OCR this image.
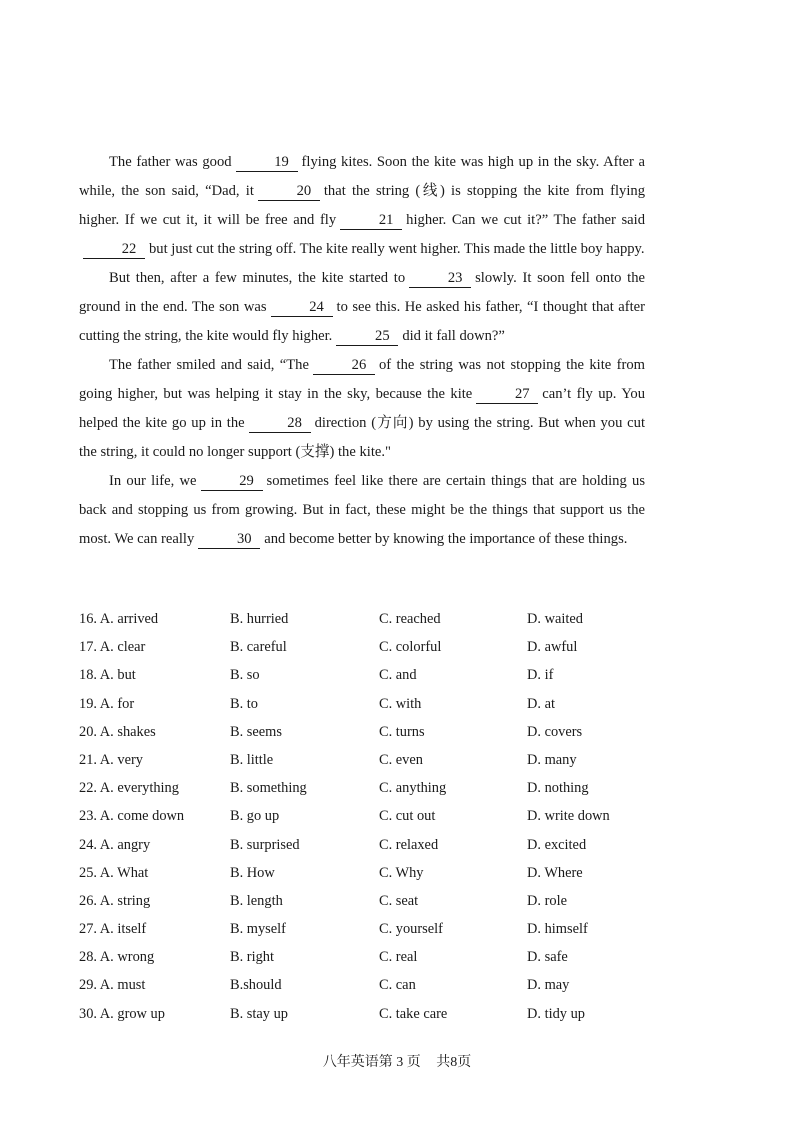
The father was good	19 flying kites. Soon the kite was high up in the sky. After a while, the son said, “Dad, it	20 that the string (线) is stopping the kite from flying higher. If we cut it, it will be free and fly	21 higher. Can we cut it?” The father said 22 but just cut the string off. The kite really went higher. This made the little boy happy.

But then, after a few minutes, the kite started to	23 slowly. It soon fell onto the ground in the end. The son was	24 to see this. He asked his father, “I thought that after cutting the string, the kite would fly higher.	25 did it fall down?”

The father smiled and said, “The	26 of the string was not stopping the kite from going higher, but was helping it stay in the sky, because the kite	27 can’t fly up. You helped the kite go up in the	28 direction (方向) by using the string. But when you cut the string, it could no longer support (支撑) the kite."

In our life, we	29 sometimes feel like there are certain things that are holding us back and stopping us from growing. But in fact, these might be the things that support us the most. We can really	30 and become better by knowing the importance of these things.

16. A. arrived	B. hurried	C. reached	D. waited
17. A. clear	B. careful	C. colorful	D. awful
18. A. but	B. so	C. and	D. if
19. A. for	B. to	C. with	D. at
20. A. shakes	B. seems	C. turns	D. covers
21. A. very	B. little	C. even	D. many
22. A. everything	B. something	C. anything	D. nothing
23. A. come down	B. go up	C. cut out	D. write down
24. A. angry	B. surprised	C. relaxed	D. excited
25. A. What	B. How	C. Why	D. Where
26. A. string	B. length	C. seat	D. role
27. A. itself	B. myself	C. yourself	D. himself
28. A. wrong	B. right	C. real	D. safe
29. A. must	B.should	C. can	D. may
30. A. grow up	B. stay up	C. take care	D. tidy up
八年英语第 3 页 共8页
